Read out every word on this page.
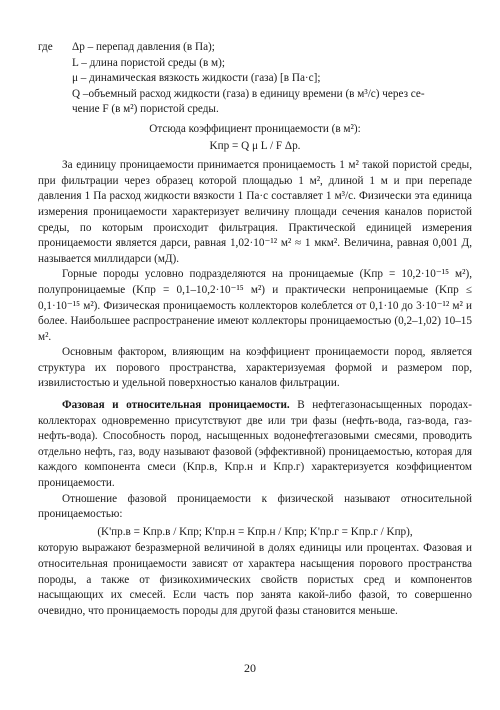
где	Δp – перепад давления (в Па);
L – длина пористой среды (в м);
μ – динамическая вязкость жидкости (газа) [в Па·с];
Q –объемный расход жидкости (газа) в единицу времени (в м³/с) через се-
чение F (в м²) пористой среды.
Отсюда коэффициент проницаемости (в м²):
Kпр = Q μ L / F Δp.

За единицу проницаемости принимается проницаемость 1 м² такой пористой среды, при фильтрации через образец которой площадью 1 м², длиной 1 м и при перепаде давления 1 Па расход жидкости вязкости 1 Па·с составляет 1 м³/с. Физически эта единица измерения проницаемости характеризует величину площади сечения каналов пористой среды, по которым происходит фильтрация. Практической единицей измерения проницаемости является дарси, равная 1,02·10⁻¹² м² ≈ 1 мкм². Величина, равная 0,001 Д, называется миллидарси (мД).

Горные породы условно подразделяются на проницаемые (Kпр = 10,2·10⁻¹⁵ м²), полупроницаемые (Kпр = 0,1–10,2·10⁻¹⁵ м²) и практически непроницаемые (Kпр ≤ 0,1·10⁻¹⁵ м²). Физическая проницаемость коллекторов колеблется от 0,1·10 до 3·10⁻¹² м² и более. Наибольшее распространение имеют коллекторы проницаемостью (0,2–1,02) 10–15 м².

Основным фактором, влияющим на коэффициент проницаемости пород, является структура их порового пространства, характеризуемая формой и размером пор, извилистостью и удельной поверхностью каналов фильтрации.

Фазовая и относительная проницаемости. В нефтегазонасыщенных породах-коллекторах одновременно присутствуют две или три фазы (нефть-вода, газ-вода, газ-нефть-вода). Способность пород, насыщенных водонефтегазовыми смесями, проводить отдельно нефть, газ, воду называют фазовой (эффективной) проницаемостью, которая для каждого компонента смеси (Kпр.в, Kпр.н и Kпр.г) характеризуется коэффициентом проницаемости.

Отношение фазовой проницаемости к физической называют относительной проницаемостью:

(K'пр.в = Kпр.в / Kпр; K'пр.н = Kпр.н / Kпр; K'пр.г = Kпр.г / Kпр),

которую выражают безразмерной величиной в долях единицы или процентах. Фазовая и относительная проницаемости зависят от характера насыщения порового пространства породы, а также от физикохимических свойств пористых сред и компонентов насыщающих их смесей. Если часть пор занята какой-либо фазой, то совершенно очевидно, что проницаемость породы для другой фазы становится меньше.

20
